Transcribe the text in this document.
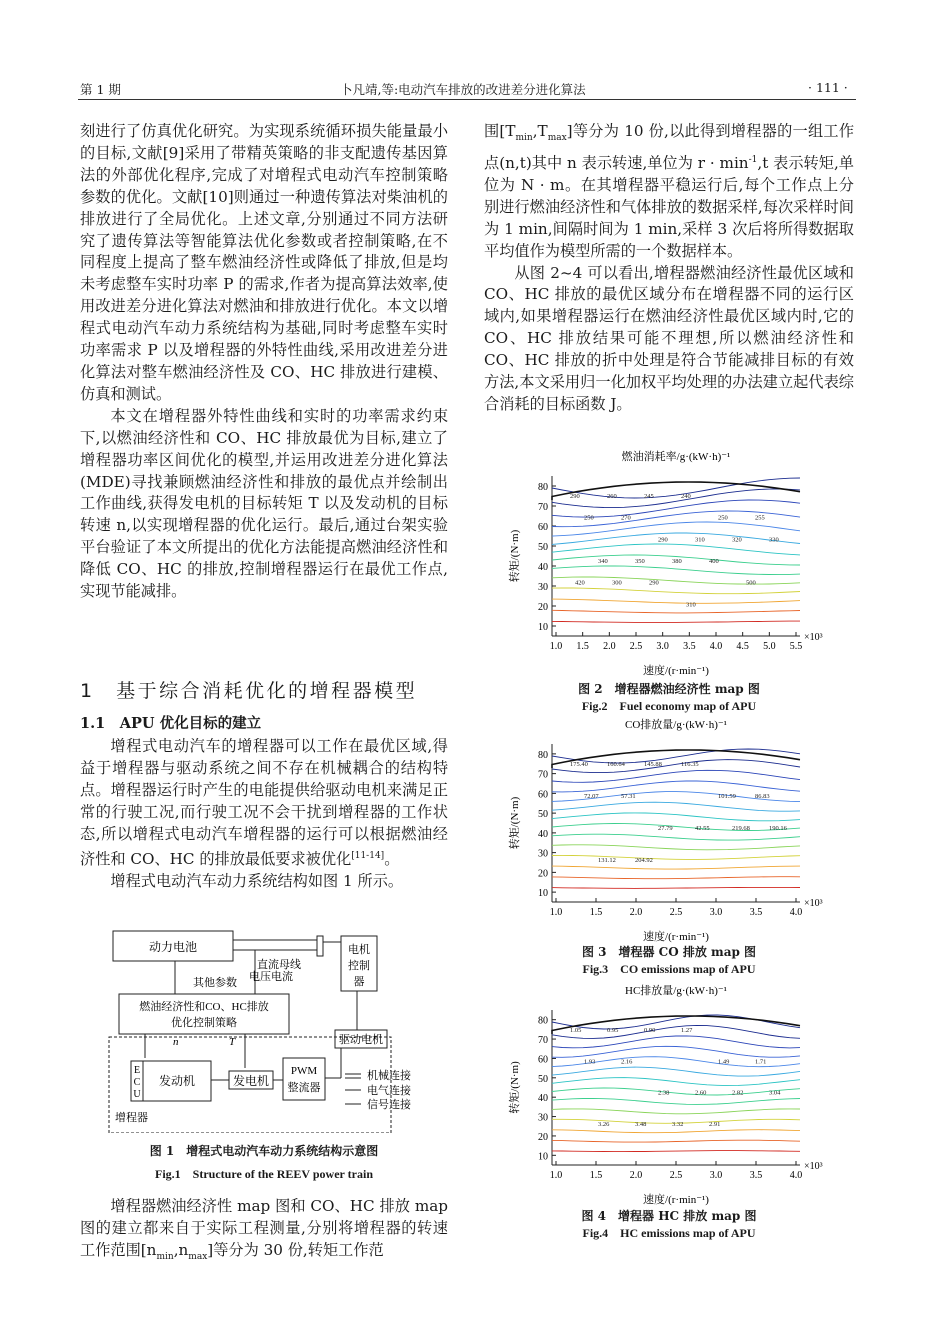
第 1 期	卜凡靖,等:电动汽车排放的改进差分进化算法	· 111 ·

刻进行了仿真优化研究。为实现系统循环损失能量最小的目标,文献[9]采用了带精英策略的非支配遗传基因算法的外部优化程序,完成了对增程式电动汽车控制策略参数的优化。文献[10]则通过一种遗传算法对柴油机的排放进行了全局优化。上述文章,分别通过不同方法研究了遗传算法等智能算法优化参数或者控制策略,在不同程度上提高了整车燃油经济性或降低了排放,但是均未考虑整车实时功率 P 的需求,作者为提高算法效率,使用改进差分进化算法对燃油和排放进行优化。本文以增程式电动汽车动力系统结构为基础,同时考虑整车实时功率需求 P 以及增程器的外特性曲线,采用改进差分进化算法对整车燃油经济性及 CO、HC 排放进行建模、仿真和测试。

本文在增程器外特性曲线和实时的功率需求约束下,以燃油经济性和 CO、HC 排放最优为目标,建立了增程器功率区间优化的模型,并运用改进差分进化算法(MDE)寻找兼顾燃油经济性和排放的最优点并绘制出工作曲线,获得发电机的目标转矩 T 以及发动机的目标转速 n,以实现增程器的优化运行。最后,通过台架实验平台验证了本文所提出的优化方法能提高燃油经济性和降低 CO、HC 的排放,控制增程器运行在最优工作点,实现节能减排。

1　基于综合消耗优化的增程器模型
1.1　APU 优化目标的建立

增程式电动汽车的增程器可以工作在最优区域,得益于增程器与驱动系统之间不存在机械耦合的结构特点。增程器运行时产生的电能提供给驱动电机来满足正常的行驶工况,而行驶工况不会干扰到增程器的工作状态,所以增程式电动汽车增程器的运行可以根据燃油经济性和 CO、HC 的排放最低要求被优化[11-14]。

增程式电动汽车动力系统结构如图 1 所示。

动力电池
直流母线
电压电流
其他参数
电机
控制
器
燃油经济性和CO、HC排放
优化控制策略
n	T	驱动电机
E
C
U
发动机	发电机
PWM
整流器
机械连接
电气连接
信号连接
增程器
图 1　增程式电动汽车动力系统结构示意图
Fig.1　Structure of the REEV power train

增程器燃油经济性 map 图和 CO、HC 排放 map 图的建立都来自于实际工程测量,分别将增程器的转速工作范围$[n_{min},n_{max}]$等分为 30 份,转矩工作范

围$[T_{min},T_{max}]$等分为 10 份,以此得到增程器的一组工作点(n,t)其中 n 表示转速,单位为 $r \cdot \min^{-1},t$ 表示转矩,单位为 N · m。在其增程器平稳运行后,每个工作点上分别进行燃油经济性和气体排放的数据采样,每次采样时间为 1 min,间隔时间为 1 min,采样 3 次后将所得数据取平均值作为模型所需的一个数据样本。

从图 2~4 可以看出,增程器燃油经济性最优区域和 CO、HC 排放的最优区域分布在增程器不同的运行区域内,如果增程器运行在燃油经济性最优区域内时,它的 CO、HC 排放结果可能不理想,所以燃油经济性和 CO、HC 排放的折中处理是符合节能减排目标的有效方法,本文采用归一化加权平均处理的办法建立起代表综合消耗的目标函数 J。

燃油消耗率/g·(kW·h)⁻¹
转矩/(N·m)
速度/(r·min⁻¹)
10
20
30
40
50
60
70
80
1.0 1.5 2.0 2.5 3.0 3.5 4.0 4.5 5.0 5.5
×10³
290	260	245	240
250	255
250	270
290	310	320	330
340	350	380	400
500
420	300	290
310
图 2　增程器燃油经济性 map 图
Fig.2　Fuel economy map of APU
CO排放量/g·(kW·h)⁻¹
转矩/(N·m)
速度/(r·min⁻¹)
10
20
30
40
50
60
70
80
1.0	1.5	2.0	2.5	3.0	3.5	4.0
×10³
175.40	160.64	145.88	116.35
101.59	86.83
72.07	57.31
27.79	42.55	219.68	190.16
131.12	204.92
图 3　增程器 CO 排放 map 图
Fig.3　CO emissions map of APU
HC排放量/g·(kW·h)⁻¹
转矩/(N·m)
速度/(r·min⁻¹)
10
20
30
40
50
60
70
80
1.0	1.5	2.0	2.5	3.0	3.5	4.0
×10³
1.05	0.95	0.90	1.27
1.49	1.71
1.93	2.16
2.38	2.60	2.82	3.04
3.26	3.48	3.32	2.91
图 4　增程器 HC 排放 map 图
Fig.4　HC emissions map of APU
